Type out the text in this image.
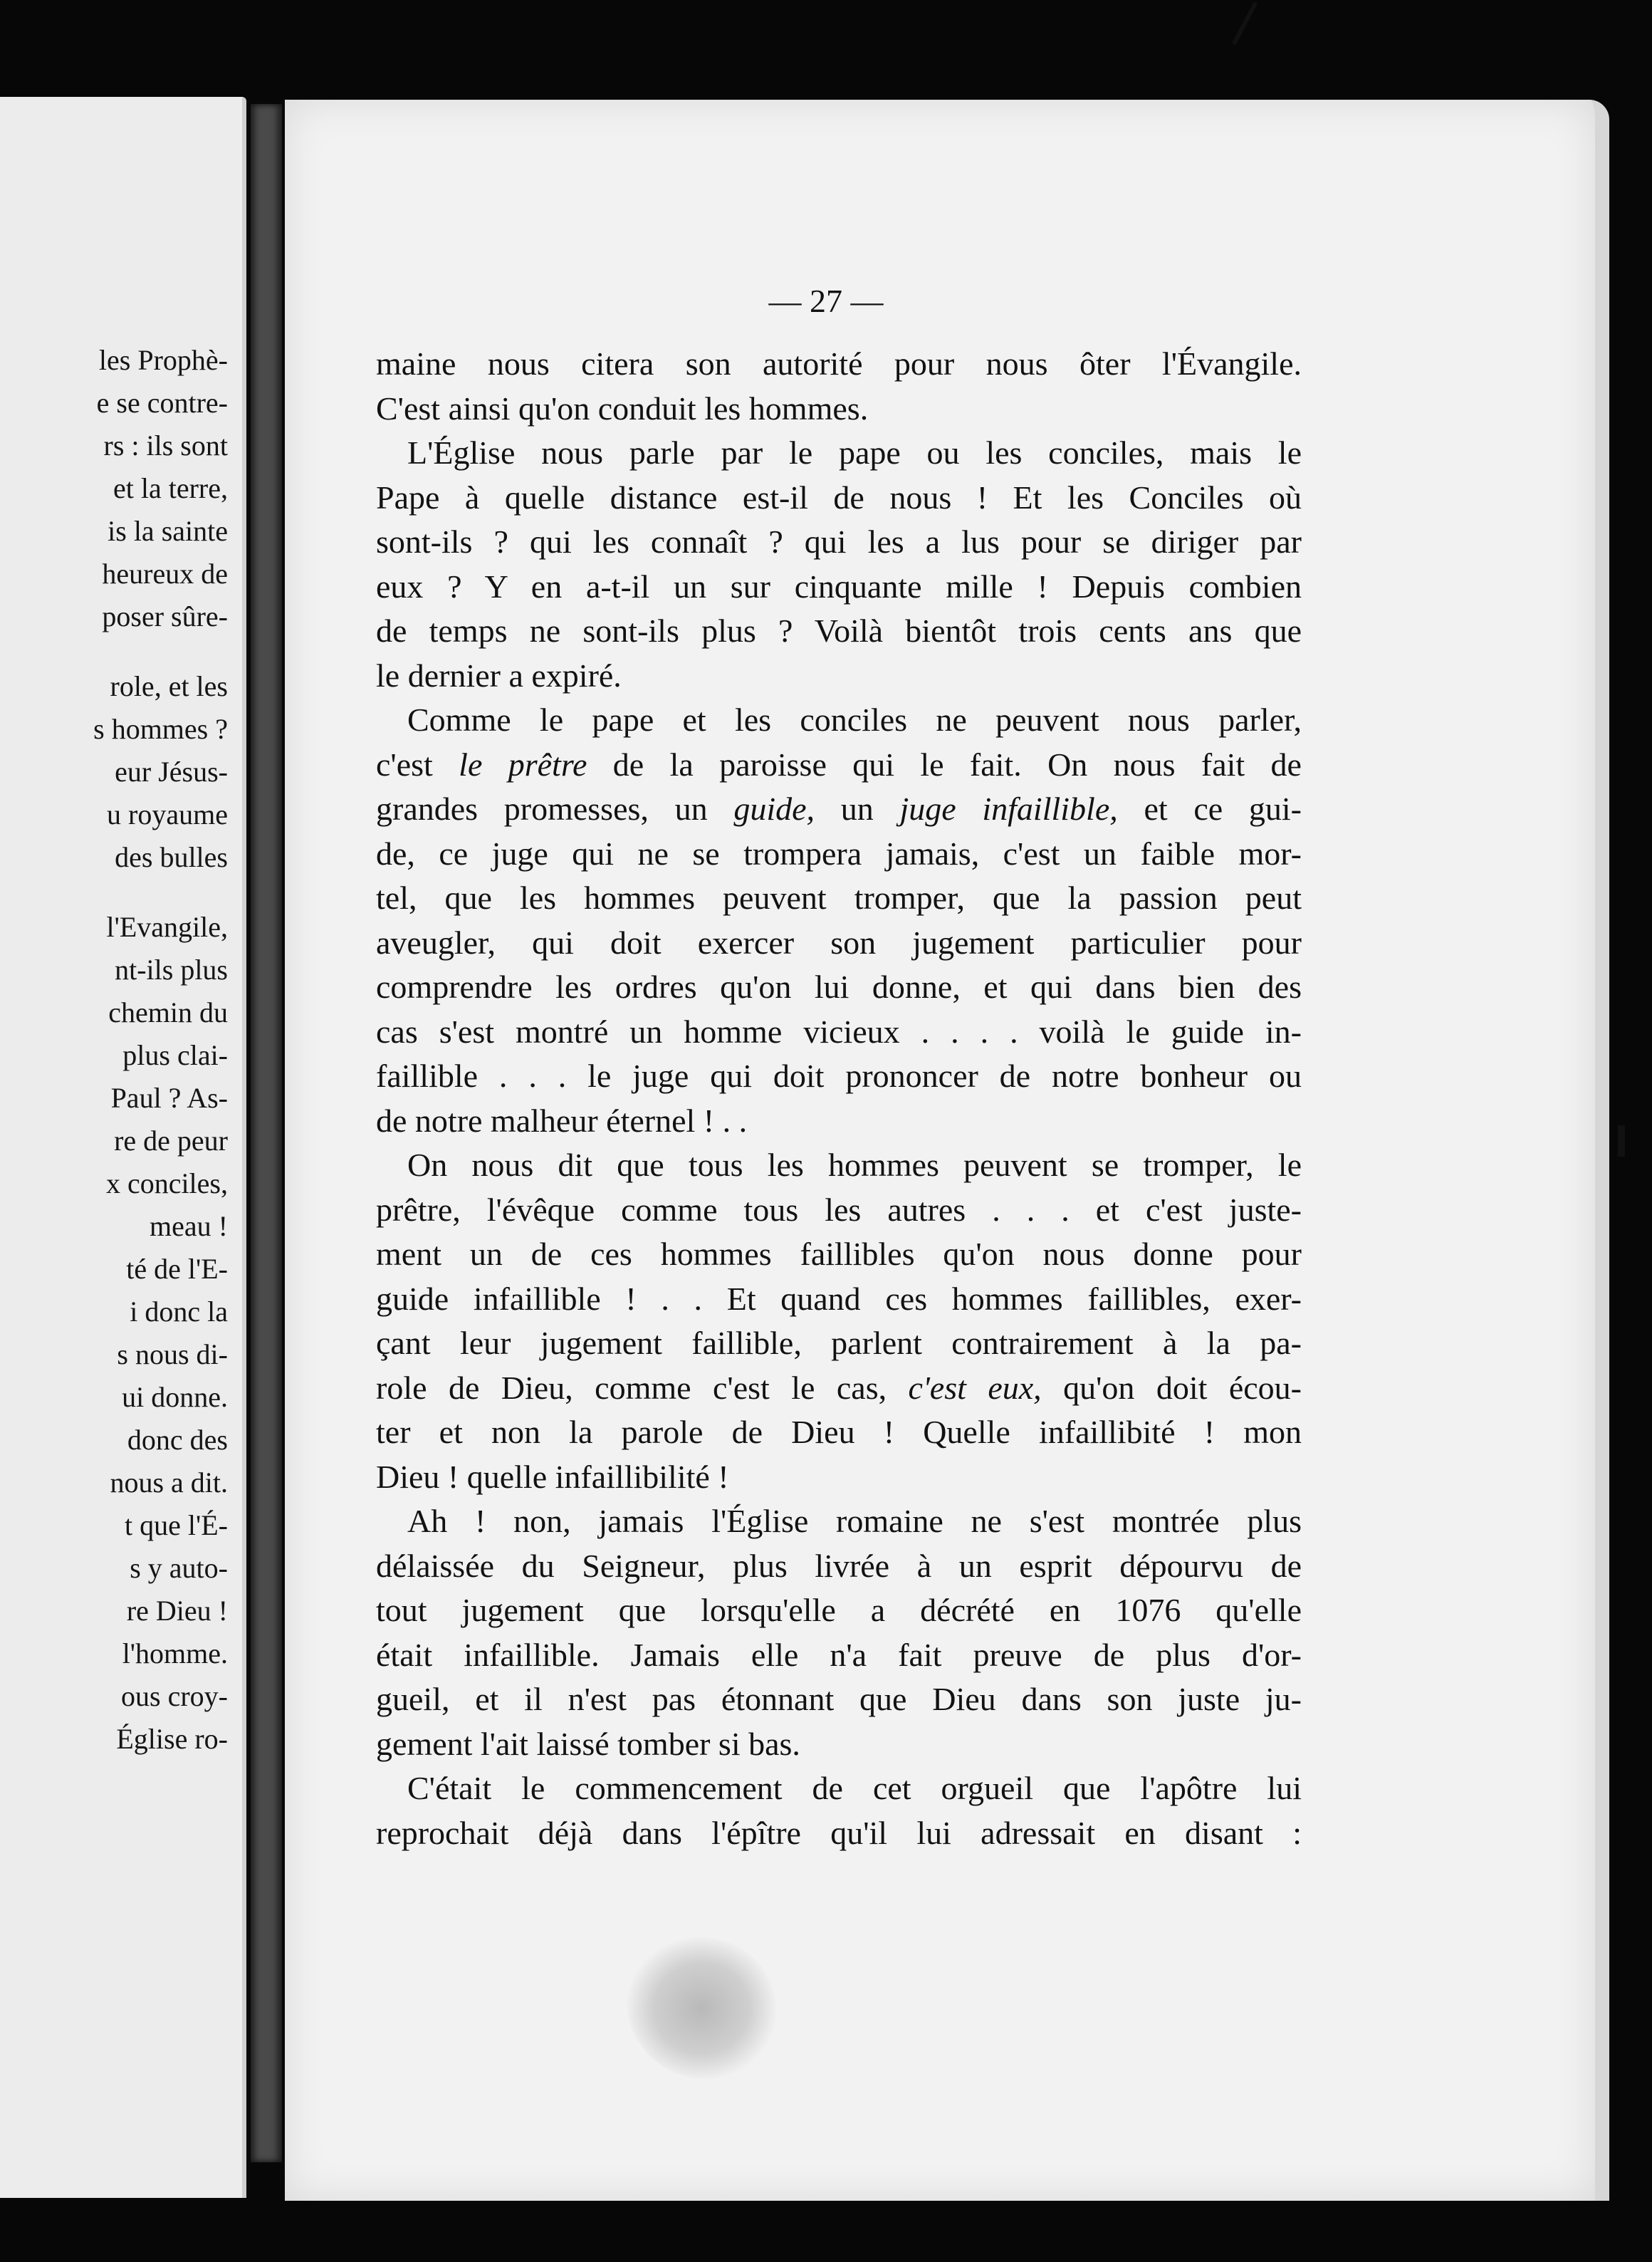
les Prophè-
e se contre-
rs : ils sont
et la terre,
is la sainte
heureux de
poser sûre-
role, et les
s hommes ?
eur Jésus-
u royaume
des bulles
l'Evangile,
nt-ils plus
chemin du
plus clai-
Paul ? As-
re de peur
x conciles,
meau !
té de l'E-
i donc la
s nous di-
ui donne.
donc des
nous a dit.
t que l'É-
s y auto-
re Dieu !
l'homme.
ous croy-
Église ro-
— 27 —
maine nous citera son autorité pour nous ôter l'Évangile.
C'est ainsi qu'on conduit les hommes.
L'Église nous parle par le pape ou les conciles, mais le
Pape à quelle distance est-il de nous ! Et les Conciles où
sont-ils ? qui les connaît ? qui les a lus pour se diriger par
eux ? Y en a-t-il un sur cinquante mille ! Depuis combien
de temps ne sont-ils plus ? Voilà bientôt trois cents ans que
le dernier a expiré.
Comme le pape et les conciles ne peuvent nous parler,
c'est le prêtre de la paroisse qui le fait. On nous fait de
grandes promesses, un guide, un juge infaillible, et ce gui-
de, ce juge qui ne se trompera jamais, c'est un faible mor-
tel, que les hommes peuvent tromper, que la passion peut
aveugler, qui doit exercer son jugement particulier pour
comprendre les ordres qu'on lui donne, et qui dans bien des
cas s'est montré un homme vicieux . . . . voilà le guide in-
faillible . . . le juge qui doit prononcer de notre bonheur ou
de notre malheur éternel ! . .
On nous dit que tous les hommes peuvent se tromper, le
prêtre, l'évêque comme tous les autres . . . et c'est juste-
ment un de ces hommes faillibles qu'on nous donne pour
guide infaillible ! . . Et quand ces hommes faillibles, exer-
çant leur jugement faillible, parlent contrairement à la pa-
role de Dieu, comme c'est le cas, c'est eux, qu'on doit écou-
ter et non la parole de Dieu ! Quelle infaillibité ! mon
Dieu ! quelle infaillibilité !
Ah ! non, jamais l'Église romaine ne s'est montrée plus
délaissée du Seigneur, plus livrée à un esprit dépourvu de
tout jugement que lorsqu'elle a décrété en 1076 qu'elle
était infaillible. Jamais elle n'a fait preuve de plus d'or-
gueil, et il n'est pas étonnant que Dieu dans son juste ju-
gement l'ait laissé tomber si bas.
C'était le commencement de cet orgueil que l'apôtre lui
reprochait déjà dans l'épître qu'il lui adressait en disant :
